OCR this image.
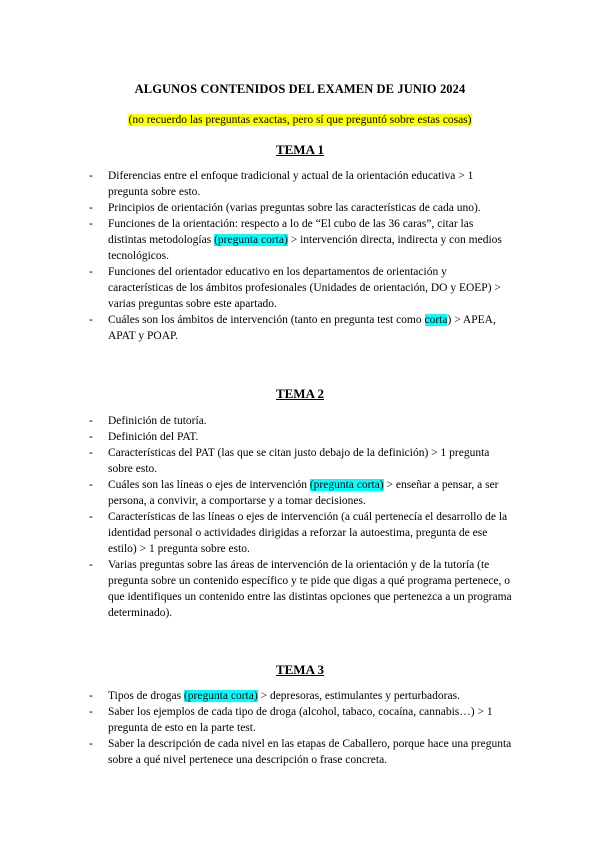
ALGUNOS CONTENIDOS DEL EXAMEN DE JUNIO 2024
(no recuerdo las preguntas exactas, pero sí que preguntó sobre estas cosas)
TEMA 1
- Diferencias entre el enfoque tradicional y actual de la orientación educativa > 1 pregunta sobre esto.
- Principios de orientación (varias preguntas sobre las características de cada uno).
- Funciones de la orientación: respecto a lo de “El cubo de las 36 caras”, citar las distintas metodologías (pregunta corta) > intervención directa, indirecta y con medios tecnológicos.
- Funciones del orientador educativo en los departamentos de orientación y características de los ámbitos profesionales (Unidades de orientación, DO y EOEP) > varias preguntas sobre este apartado.
- Cuáles son los ámbitos de intervención (tanto en pregunta test como corta) > APEA, APAT y POAP.
TEMA 2
- Definición de tutoría.
- Definición del PAT.
- Características del PAT (las que se citan justo debajo de la definición) > 1 pregunta sobre esto.
- Cuáles son las líneas o ejes de intervención (pregunta corta) > enseñar a pensar, a ser persona, a convivir, a comportarse y a tomar decisiones.
- Características de las líneas o ejes de intervención (a cuál pertenecía el desarrollo de la identidad personal o actividades dirigidas a reforzar la autoestima, pregunta de ese estilo) > 1 pregunta sobre esto.
- Varias preguntas sobre las áreas de intervención de la orientación y de la tutoría (te pregunta sobre un contenido específico y te pide que digas a qué programa pertenece, o que identifiques un contenido entre las distintas opciones que pertenezca a un programa determinado).
TEMA 3
- Tipos de drogas (pregunta corta) > depresoras, estimulantes y perturbadoras.
- Saber los ejemplos de cada tipo de droga (alcohol, tabaco, cocaína, cannabis…) > 1 pregunta de esto en la parte test.
- Saber la descripción de cada nivel en las etapas de Caballero, porque hace una pregunta sobre a qué nivel pertenece una descripción o frase concreta.
